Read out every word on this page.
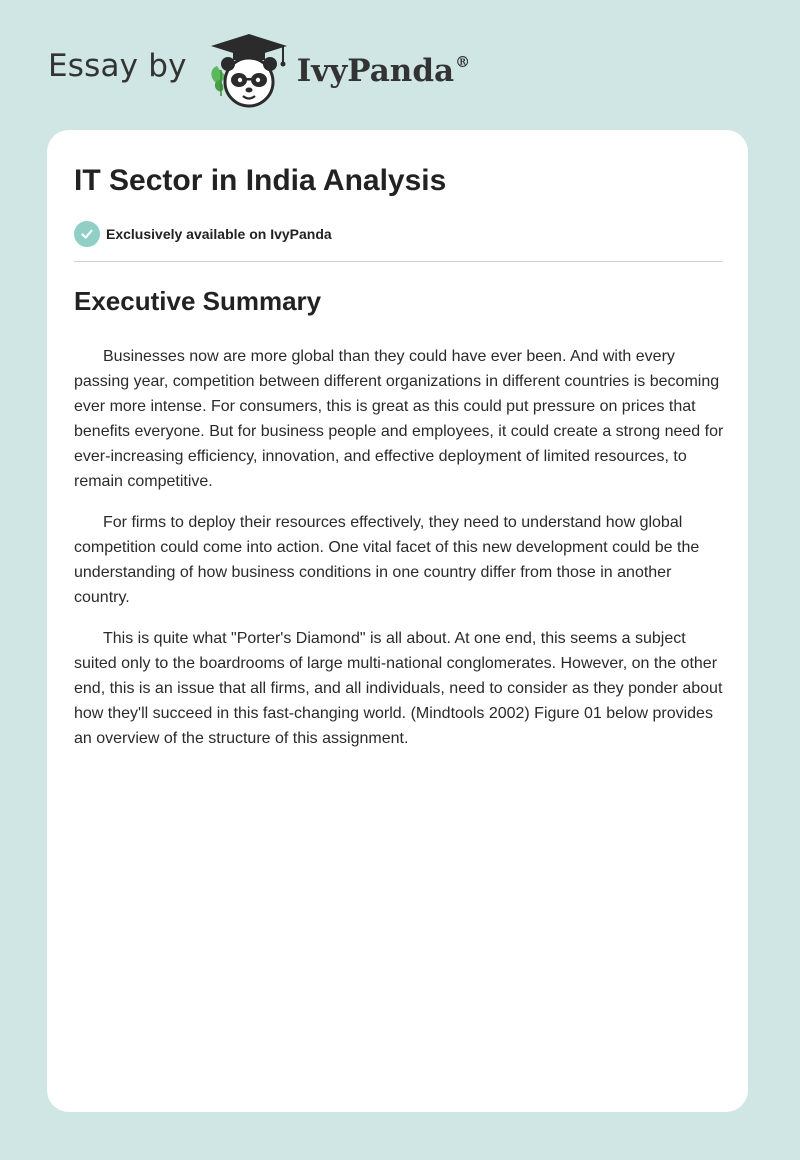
Essay by	IvyPanda®
IT Sector in India Analysis
Exclusively available on IvyPanda
Executive Summary

Businesses now are more global than they could have ever been. And with every passing year, competition between different organizations in different countries is becoming ever more intense. For consumers, this is great as this could put pressure on prices that benefits everyone. But for business people and employees, it could create a strong need for ever-increasing efficiency, innovation, and effective deployment of limited resources, to remain competitive.

For firms to deploy their resources effectively, they need to understand how global competition could come into action. One vital facet of this new development could be the understanding of how business conditions in one country differ from those in another country.

This is quite what "Porter's Diamond" is all about. At one end, this seems a subject suited only to the boardrooms of large multi-national conglomerates. However, on the other end, this is an issue that all firms, and all individuals, need to consider as they ponder about how they'll succeed in this fast-changing world. (Mindtools 2002) Figure 01 below provides an overview of the structure of this assignment.
